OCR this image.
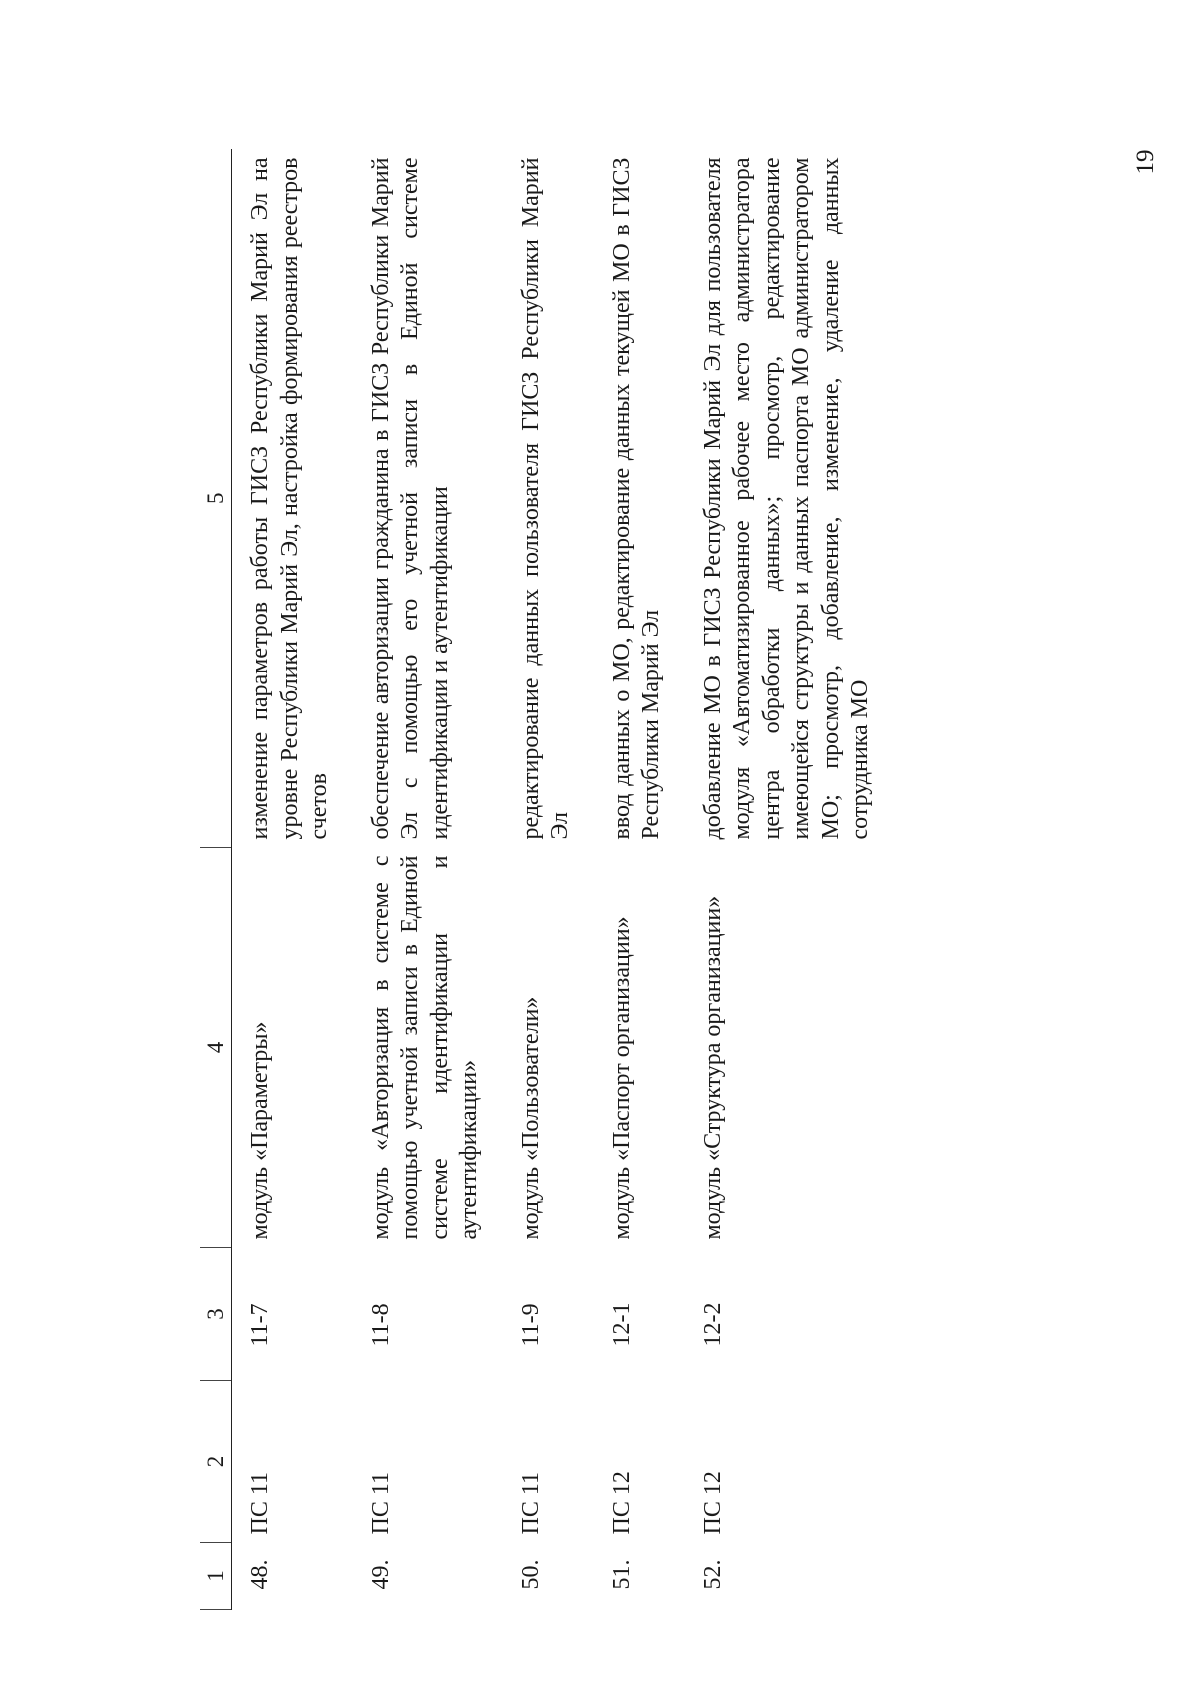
19
1	2	3	4	5
48.	ПС 11	11-7	модуль «Параметры»	изменение параметров работы ГИСЗ Республики Марий Эл на уровне Республики Марий Эл, настройка формирования реестров счетов
49.	ПС 11	11-8	модуль «Авторизация в системе с помощью учетной записи в Единой системе идентификации и аутентификации»	обеспечение авторизации гражданина в ГИСЗ Республики Марий Эл с помощью его учетной записи в Единой системе идентификации и аутентификации
50.	ПС 11	11-9	модуль «Пользователи»	редактирование данных пользователя ГИСЗ Республики Марий Эл
51.	ПС 12	12-1	модуль «Паспорт организации»	ввод данных о МО, редактирование данных текущей МО в ГИСЗ Республики Марий Эл
52.	ПС 12	12-2	модуль «Структура организации»	добавление МО в ГИСЗ Республики Марий Эл для пользователя модуля «Автоматизированное рабочее место администратора центра обработки данных»; просмотр, редактирование имеющейся структуры и данных паспорта МО администратором МО; просмотр, добавление, изменение, удаление данных сотрудника МО
